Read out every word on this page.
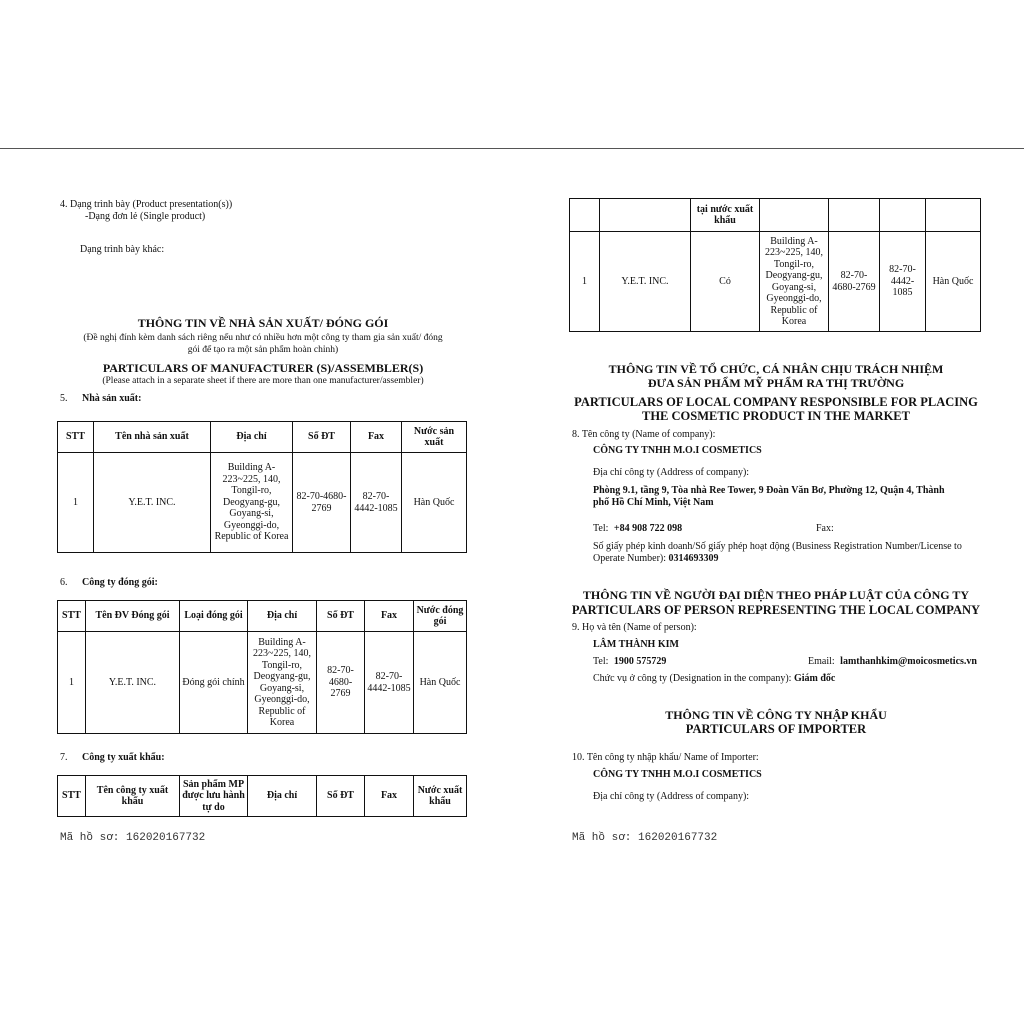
4. Dạng trình bày (Product presentation(s))
-Dạng đơn lẻ (Single product)
Dạng trình bày khác:
THÔNG TIN VỀ NHÀ SẢN XUẤT/ ĐÓNG GÓI
(Đề nghị đính kèm danh sách riêng nếu như có nhiều hơn một công ty tham gia sản xuất/ đóng
gói để tạo ra một sản phẩm hoàn chỉnh)
PARTICULARS OF MANUFACTURER (S)/ASSEMBLER(S)
(Please attach in a separate sheet if there are more than one manufacturer/assembler)
5. Nhà sản xuất:
STT	Tên nhà sản xuất	Địa chỉ	Số ĐT	Fax	Nước sản xuất
1	Y.E.T. INC.	Building A-223~225, 140, Tongil-ro, Deogyang-gu, Goyang-si, Gyeonggi-do, Republic of Korea	82-70-4680-2769	82-70-4442-1085	Hàn Quốc
6. Công ty đóng gói:
STT	Tên ĐV Đóng gói	Loại đóng gói	Địa chỉ	Số ĐT	Fax	Nước đóng gói
1	Y.E.T. INC.	Đóng gói chính	Building A-223~225, 140, Tongil-ro, Deogyang-gu, Goyang-si, Gyeonggi-do, Republic of Korea	82-70-4680-2769	82-70-4442-1085	Hàn Quốc
7. Công ty xuất khẩu:
STT	Tên công ty xuất khẩu	Sản phẩm MP được lưu hành tự do	Địa chỉ	Số ĐT	Fax	Nước xuất khẩu
Mã hồ sơ: 162020167732
		tại nước xuất khẩu				
1	Y.E.T. INC.	Có	Building A-223~225, 140, Tongil-ro, Deogyang-gu, Goyang-si, Gyeonggi-do, Republic of Korea	82-70-4680-2769	82-70-4442-1085	Hàn Quốc
THÔNG TIN VỀ TỔ CHỨC, CÁ NHÂN CHỊU TRÁCH NHIỆM
ĐƯA SẢN PHẨM MỸ PHẨM RA THỊ TRƯỜNG
PARTICULARS OF LOCAL COMPANY RESPONSIBLE FOR PLACING
THE COSMETIC PRODUCT IN THE MARKET
8. Tên công ty (Name of company):
CÔNG TY TNHH M.O.I COSMETICS
Địa chỉ công ty (Address of company):
Phòng 9.1, tầng 9, Tòa nhà Ree Tower, 9 Đoàn Văn Bơ, Phường 12, Quận 4, Thành
phố Hồ Chí Minh, Việt Nam
Tel: +84 908 722 098	Fax:
Số giấy phép kinh doanh/Số giấy phép hoạt động (Business Registration Number/License to
Operate Number): 0314693309
THÔNG TIN VỀ NGƯỜI ĐẠI DIỆN THEO PHÁP LUẬT CỦA CÔNG TY
PARTICULARS OF PERSON REPRESENTING THE LOCAL COMPANY
9. Họ và tên (Name of person):
LÂM THÀNH KIM
Tel: 1900 575729	Email: lamthanhkim@moicosmetics.vn
Chức vụ ở công ty (Designation in the company): Giám đốc
THÔNG TIN VỀ CÔNG TY NHẬP KHẨU
PARTICULARS OF IMPORTER
10. Tên công ty nhập khẩu/ Name of Importer:
CÔNG TY TNHH M.O.I COSMETICS
Địa chỉ công ty (Address of company):
Mã hồ sơ: 162020167732
